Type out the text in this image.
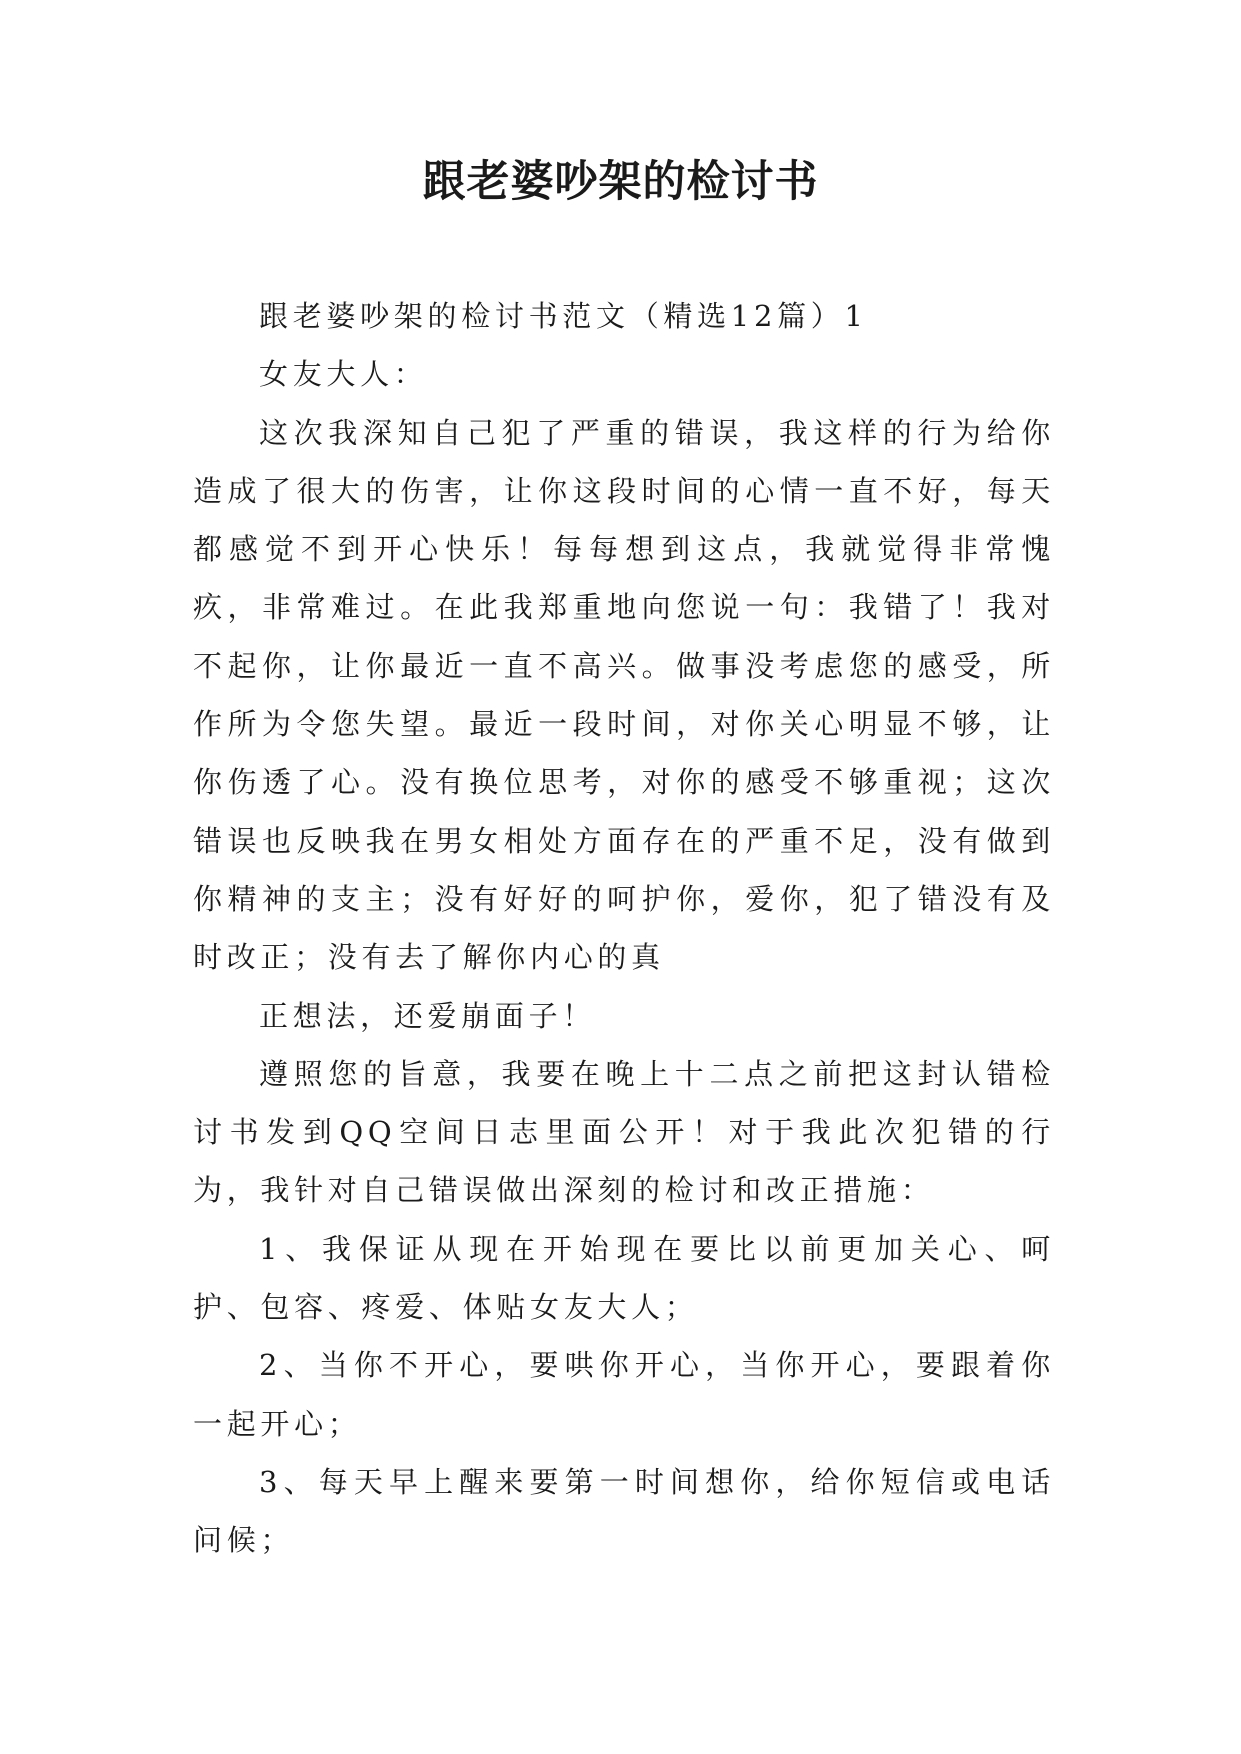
跟老婆吵架的检讨书

跟老婆吵架的检讨书范文（精选12篇）1

女友大人：

这次我深知自己犯了严重的错误，我这样的行为给你造成了很大的伤害，让你这段时间的心情一直不好，每天都感觉不到开心快乐！每每想到这点，我就觉得非常愧疚，非常难过。在此我郑重地向您说一句：我错了！我对不起你，让你最近一直不高兴。做事没考虑您的感受，所作所为令您失望。最近一段时间，对你关心明显不够，让你伤透了心。没有换位思考，对你的感受不够重视；这次错误也反映我在男女相处方面存在的严重不足，没有做到你精神的支主；没有好好的呵护你，爱你，犯了错没有及时改正；没有去了解你内心的真

正想法，还爱崩面子！

遵照您的旨意，我要在晚上十二点之前把这封认错检讨书发到QQ空间日志里面公开！对于我此次犯错的行为，我针对自己错误做出深刻的检讨和改正措施：

1、我保证从现在开始现在要比以前更加关心、呵护、包容、疼爱、体贴女友大人；

2、当你不开心，要哄你开心，当你开心，要跟着你一起开心；

3、每天早上醒来要第一时间想你，给你短信或电话问候；
